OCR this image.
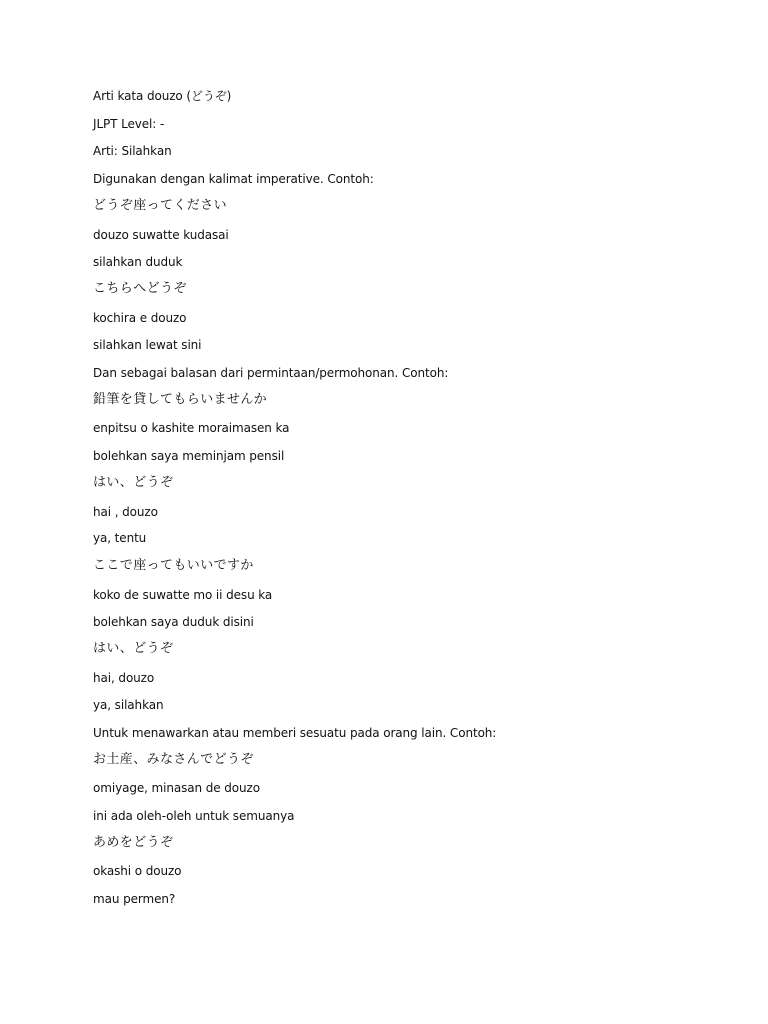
Arti kata douzo (どうぞ)

JLPT Level: -

Arti: Silahkan

Digunakan dengan kalimat imperative. Contoh:

どうぞ座ってください

douzo suwatte kudasai

silahkan duduk

こちらへどうぞ

kochira e douzo

silahkan lewat sini

Dan sebagai balasan dari permintaan/permohonan. Contoh:

鉛筆を貸してもらいませんか

enpitsu o kashite moraimasen ka

bolehkan saya meminjam pensil

はい、どうぞ

hai , douzo

ya, tentu

ここで座ってもいいですか

koko de suwatte mo ii desu ka

bolehkan saya duduk disini

はい、どうぞ

hai, douzo

ya, silahkan

Untuk menawarkan atau memberi sesuatu pada orang lain. Contoh:

お土産、みなさんでどうぞ

omiyage, minasan de douzo

ini ada oleh-oleh untuk semuanya

あめをどうぞ

okashi o douzo

mau permen?
